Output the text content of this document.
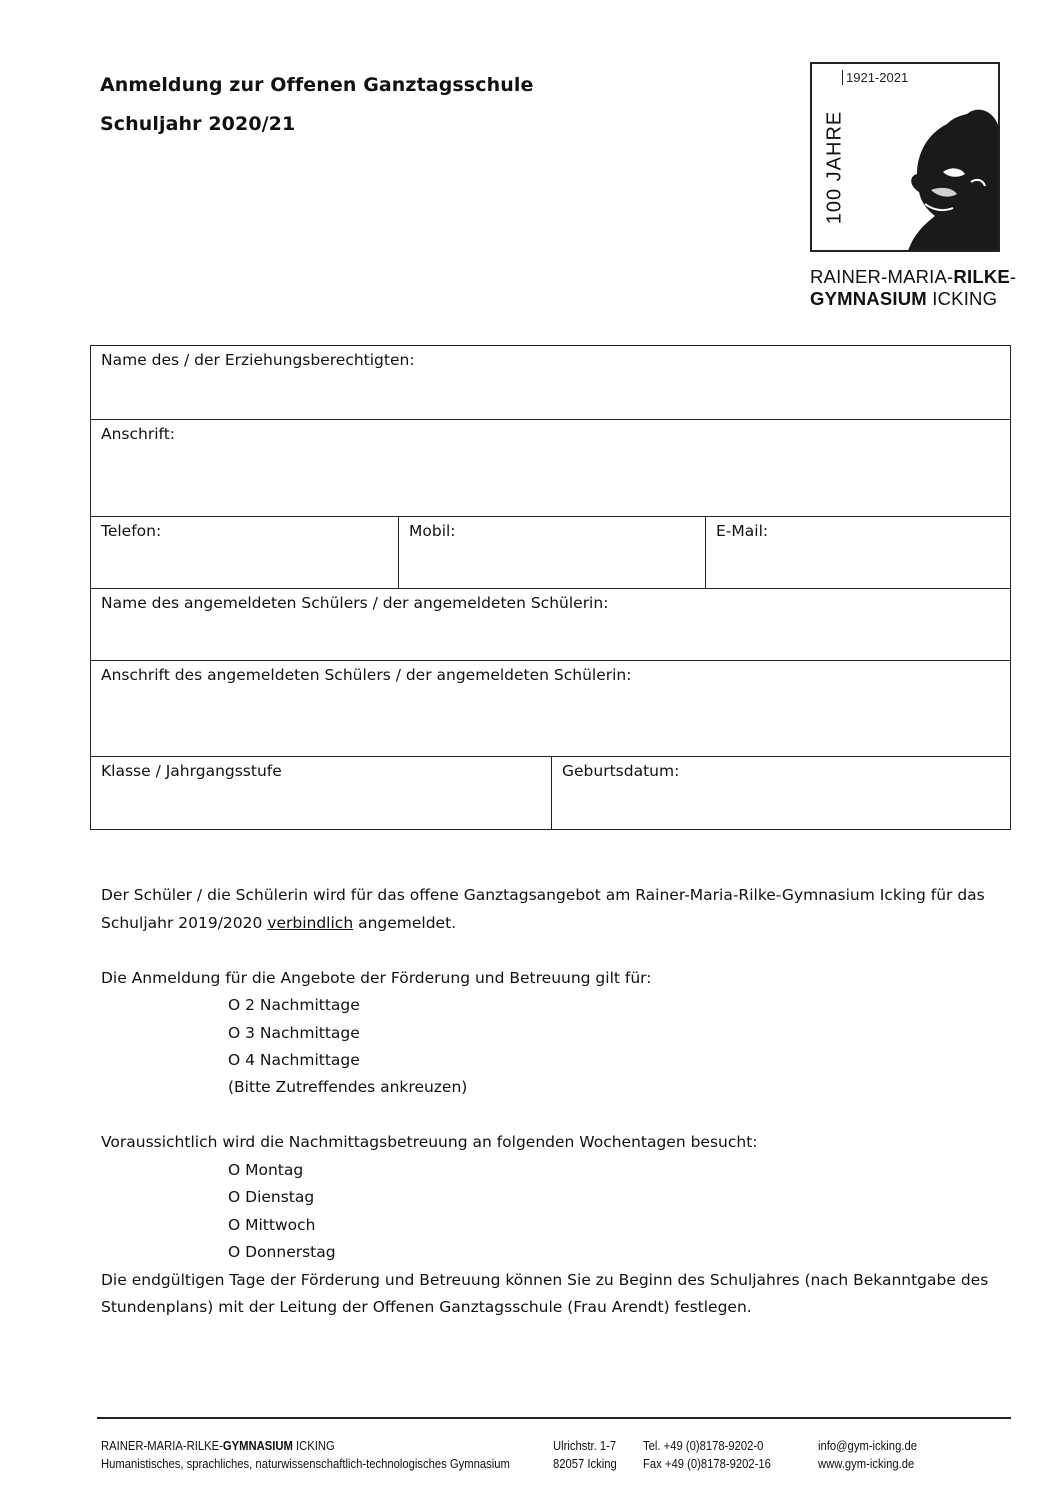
Anmeldung zur Offenen Ganztagsschule
Schuljahr 2020/21	100 JAHRE
1921-2021
RAINER-MARIA-RILKE-
GYMNASIUM ICKING
Name des / der Erziehungsberechtigten:
Anschrift:
Telefon:	Mobil:	E-Mail:
Name des angemeldeten Schülers / der angemeldeten Schülerin:
Anschrift des angemeldeten Schülers / der angemeldeten Schülerin:
Klasse / Jahrgangsstufe	Geburtsdatum:
Der Schüler / die Schülerin wird für das offene Ganztagsangebot am Rainer-Maria-Rilke-Gymnasium Icking für das
Schuljahr 2019/2020 verbindlich angemeldet.
Die Anmeldung für die Angebote der Förderung und Betreuung gilt für:
O 2 Nachmittage
O 3 Nachmittage
O 4 Nachmittage
(Bitte Zutreffendes ankreuzen)
Voraussichtlich wird die Nachmittagsbetreuung an folgenden Wochentagen besucht:
O Montag
O Dienstag
O Mittwoch
O Donnerstag
Die endgültigen Tage der Förderung und Betreuung können Sie zu Beginn des Schuljahres (nach Bekanntgabe des
Stundenplans) mit der Leitung der Offenen Ganztagsschule (Frau Arendt) festlegen.
RAINER-MARIA-RILKE-GYMNASIUM ICKING
Humanistisches, sprachliches, naturwissenschaftlich-technologisches Gymnasium
Ulrichstr. 1-7
82057 Icking
Tel. +49 (0)8178-9202-0
Fax +49 (0)8178-9202-16
info@gym-icking.de
www.gym-icking.de
